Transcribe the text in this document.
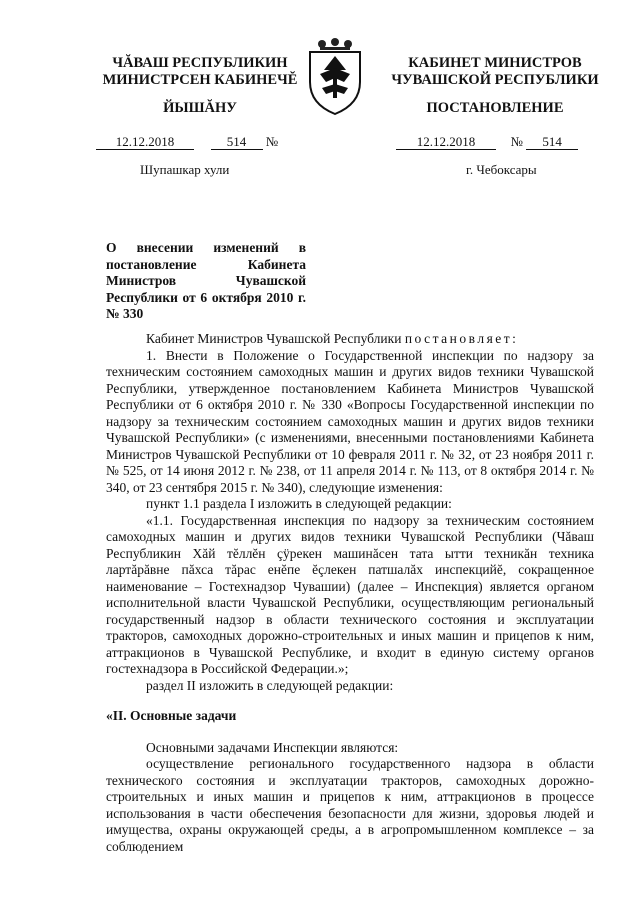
ЧĂВАШ РЕСПУБЛИКИН
МИНИСТРСЕН КАБИНЕЧĔ
ЙЫШĂНУ
КАБИНЕТ МИНИСТРОВ
ЧУВАШСКОЙ РЕСПУБЛИКИ
ПОСТАНОВЛЕНИЕ
12.12.2018	514 №	12.12.2018	№ 514
Шупашкар хули	г. Чебоксары
О внесении изменений в постановление Кабинета Министров Чувашской Республики от 6 октября 2010 г. № 330

Кабинет Министров Чувашской Республики постановляет:

1. Внести в Положение о Государственной инспекции по надзору за техническим состоянием самоходных машин и других видов техники Чувашской Республики, утвержденное постановлением Кабинета Министров Чувашской Республики от 6 октября 2010 г. № 330 «Вопросы Государственной инспекции по надзору за техническим состоянием самоходных машин и других видов техники Чувашской Республики» (с изменениями, внесенными постановлениями Кабинета Министров Чувашской Республики от 10 февраля 2011 г. № 32, от 23 ноября 2011 г. № 525, от 14 июня 2012 г. № 238, от 11 апреля 2014 г. № 113, от 8 октября 2014 г. № 340, от 23 сентября 2015 г. № 340), следующие изменения:

пункт 1.1 раздела I изложить в следующей редакции:

«1.1. Государственная инспекция по надзору за техническим состоянием самоходных машин и других видов техники Чувашской Республики (Чăваш Республикин Хăй тĕллĕн çÿрекен машинăсен тата ытти техникăн техника лартăрăвне пăхса тăрас енĕпе ĕçлекен патшалăх инспекцийĕ, сокращенное наименование – Гостехнадзор Чувашии) (далее – Инспекция) является органом исполнительной власти Чувашской Республики, осуществляющим региональный государственный надзор в области технического состояния и эксплуатации тракторов, самоходных дорожно-строительных и иных машин и прицепов к ним, аттракционов в Чувашской Республике, и входит в единую систему органов гостехнадзора в Российской Федерации.»;

раздел II изложить в следующей редакции:

«II. Основные задачи

Основными задачами Инспекции являются:

осуществление регионального государственного надзора в области технического состояния и эксплуатации тракторов, самоходных дорожно-строительных и иных машин и прицепов к ним, аттракционов в процессе использования в части обеспечения безопасности для жизни, здоровья людей и имущества, охраны окружающей среды, а в агропромышленном комплексе – за соблюдением
